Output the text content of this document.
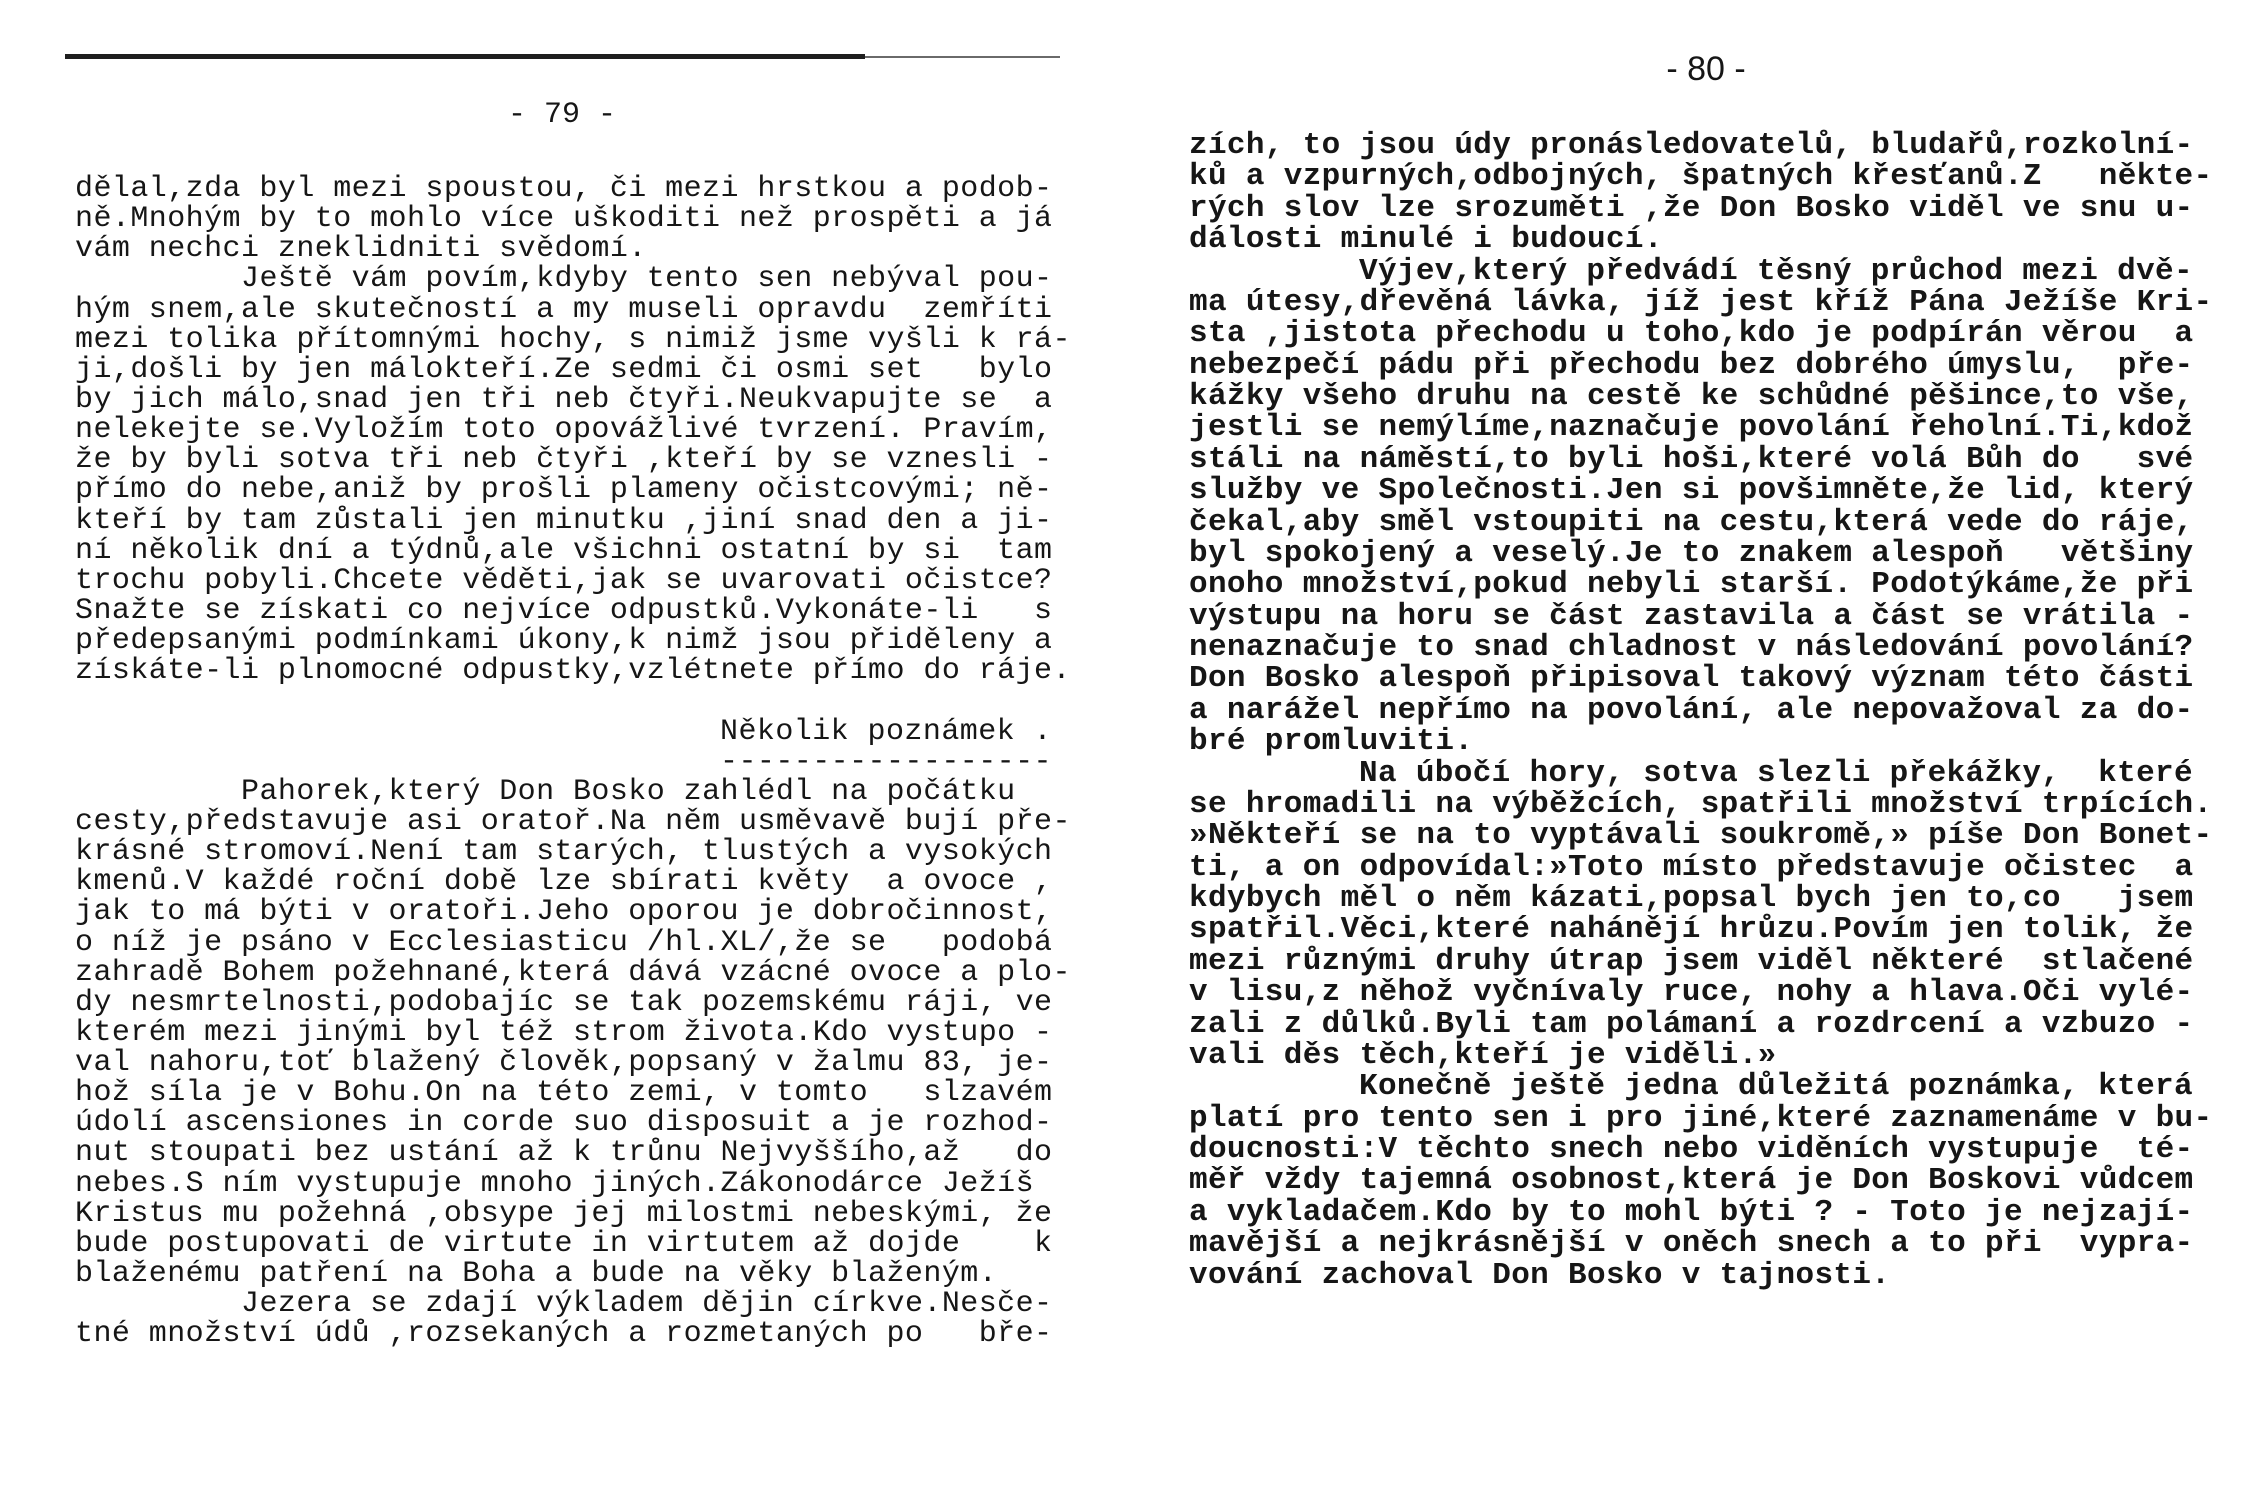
- 79 -
- 80 -
dělal,zda byl mezi spoustou, či mezi hrstkou a podob-
ně.Mnohým by to mohlo více uškoditi než prospěti a já
vám nechci zneklidniti svědomí.
Ještě vám povím,kdyby tento sen nebýval pou-
hým snem,ale skutečností a my museli opravdu  zemříti
mezi tolika přítomnými hochy, s nimiž jsme vyšli k rá-
ji,došli by jen málokteří.Ze sedmi či osmi set   bylo
by jich málo,snad jen tři neb čtyři.Neukvapujte se  a
nelekejte se.Vyložím toto opovážlivé tvrzení. Pravím,
že by byli sotva tři neb čtyři ,kteří by se vznesli -
přímo do nebe,aniž by prošli plameny očistcovými; ně-
kteří by tam zůstali jen minutku ,jiní snad den a ji-
ní několik dní a týdnů,ale všichni ostatní by si  tam
trochu pobyli.Chcete věděti,jak se uvarovati očistce?
Snažte se získati co nejvíce odpustků.Vykonáte-li   s
předepsanými podmínkami úkony,k nimž jsou přiděleny a
získáte-li plnomocné odpustky,vzlétnete přímo do ráje.
Několik poznámek .
------------------
Pahorek,který Don Bosko zahlédl na počátku
cesty,představuje asi oratoř.Na něm usměvavě bují pře-
krásné stromoví.Není tam starých, tlustých a vysokých
kmenů.V každé roční době lze sbírati květy  a ovoce ,
jak to má býti v oratoři.Jeho oporou je dobročinnost,
o níž je psáno v Ecclesiasticu /hl.XL/,že se   podobá
zahradě Bohem požehnané,která dává vzácné ovoce a plo-
dy nesmrtelnosti,podobajíc se tak pozemskému ráji, ve
kterém mezi jinými byl též strom života.Kdo vystupo -
val nahoru,toť blažený člověk,popsaný v žalmu 83, je-
hož síla je v Bohu.On na této zemi, v tomto   slzavém
údolí ascensiones in corde suo disposuit a je rozhod-
nut stoupati bez ustání až k trůnu Nejvyššího,až   do
nebes.S ním vystupuje mnoho jiných.Zákonodárce Ježíš
Kristus mu požehná ,obsype jej milostmi nebeskými, že
bude postupovati de virtute in virtutem až dojde    k
blaženému patření na Boha a bude na věky blaženým.
Jezera se zdají výkladem dějin církve.Nesče-
tné množství údů ,rozsekaných a rozmetaných po   bře-
zích, to jsou údy pronásledovatelů, bludařů,rozkolní-
ků a vzpurných,odbojných, špatných křesťanů.Z   někte-
rých slov lze srozuměti ,že Don Bosko viděl ve snu u-
dálosti minulé i budoucí.
Výjev,který předvádí těsný průchod mezi dvě-
ma útesy,dřevěná lávka, jíž jest kříž Pána Ježíše Kri-
sta ,jistota přechodu u toho,kdo je podpírán věrou  a
nebezpečí pádu při přechodu bez dobrého úmyslu,  pře-
kážky všeho druhu na cestě ke schůdné pěšince,to vše,
jestli se nemýlíme,naznačuje povolání řeholní.Ti,kdož
stáli na náměstí,to byli hoši,které volá Bůh do   své
služby ve Společnosti.Jen si povšimněte,že lid, který
čekal,aby směl vstoupiti na cestu,která vede do ráje,
byl spokojený a veselý.Je to znakem alespoň   většiny
onoho množství,pokud nebyli starší. Podotýkáme,že při
výstupu na horu se část zastavila a část se vrátila -
nenaznačuje to snad chladnost v následování povolání?
Don Bosko alespoň připisoval takový význam této části
a narážel nepřímo na povolání, ale nepovažoval za do-
bré promluviti.
Na úbočí hory, sotva slezli překážky,  které
se hromadili na výběžcích, spatřili množství trpících.
»Někteří se na to vyptávali soukromě,» píše Don Bonet-
ti, a on odpovídal:»Toto místo představuje očistec  a
kdybych měl o něm kázati,popsal bych jen to,co   jsem
spatřil.Věci,které nahánějí hrůzu.Povím jen tolik, že
mezi různými druhy útrap jsem viděl některé  stlačené
v lisu,z něhož vyčnívaly ruce, nohy a hlava.Oči vylé-
zali z důlků.Byli tam polámaní a rozdrcení a vzbuzo -
vali děs těch,kteří je viděli.»
Konečně ještě jedna důležitá poznámka, která
platí pro tento sen i pro jiné,které zaznamenáme v bu-
doucnosti:V těchto snech nebo viděních vystupuje  té-
měř vždy tajemná osobnost,která je Don Boskovi vůdcem
a vykladačem.Kdo by to mohl býti ? - Toto je nejzají-
mavější a nejkrásnější v oněch snech a to při  vypra-
vování zachoval Don Bosko v tajnosti.
